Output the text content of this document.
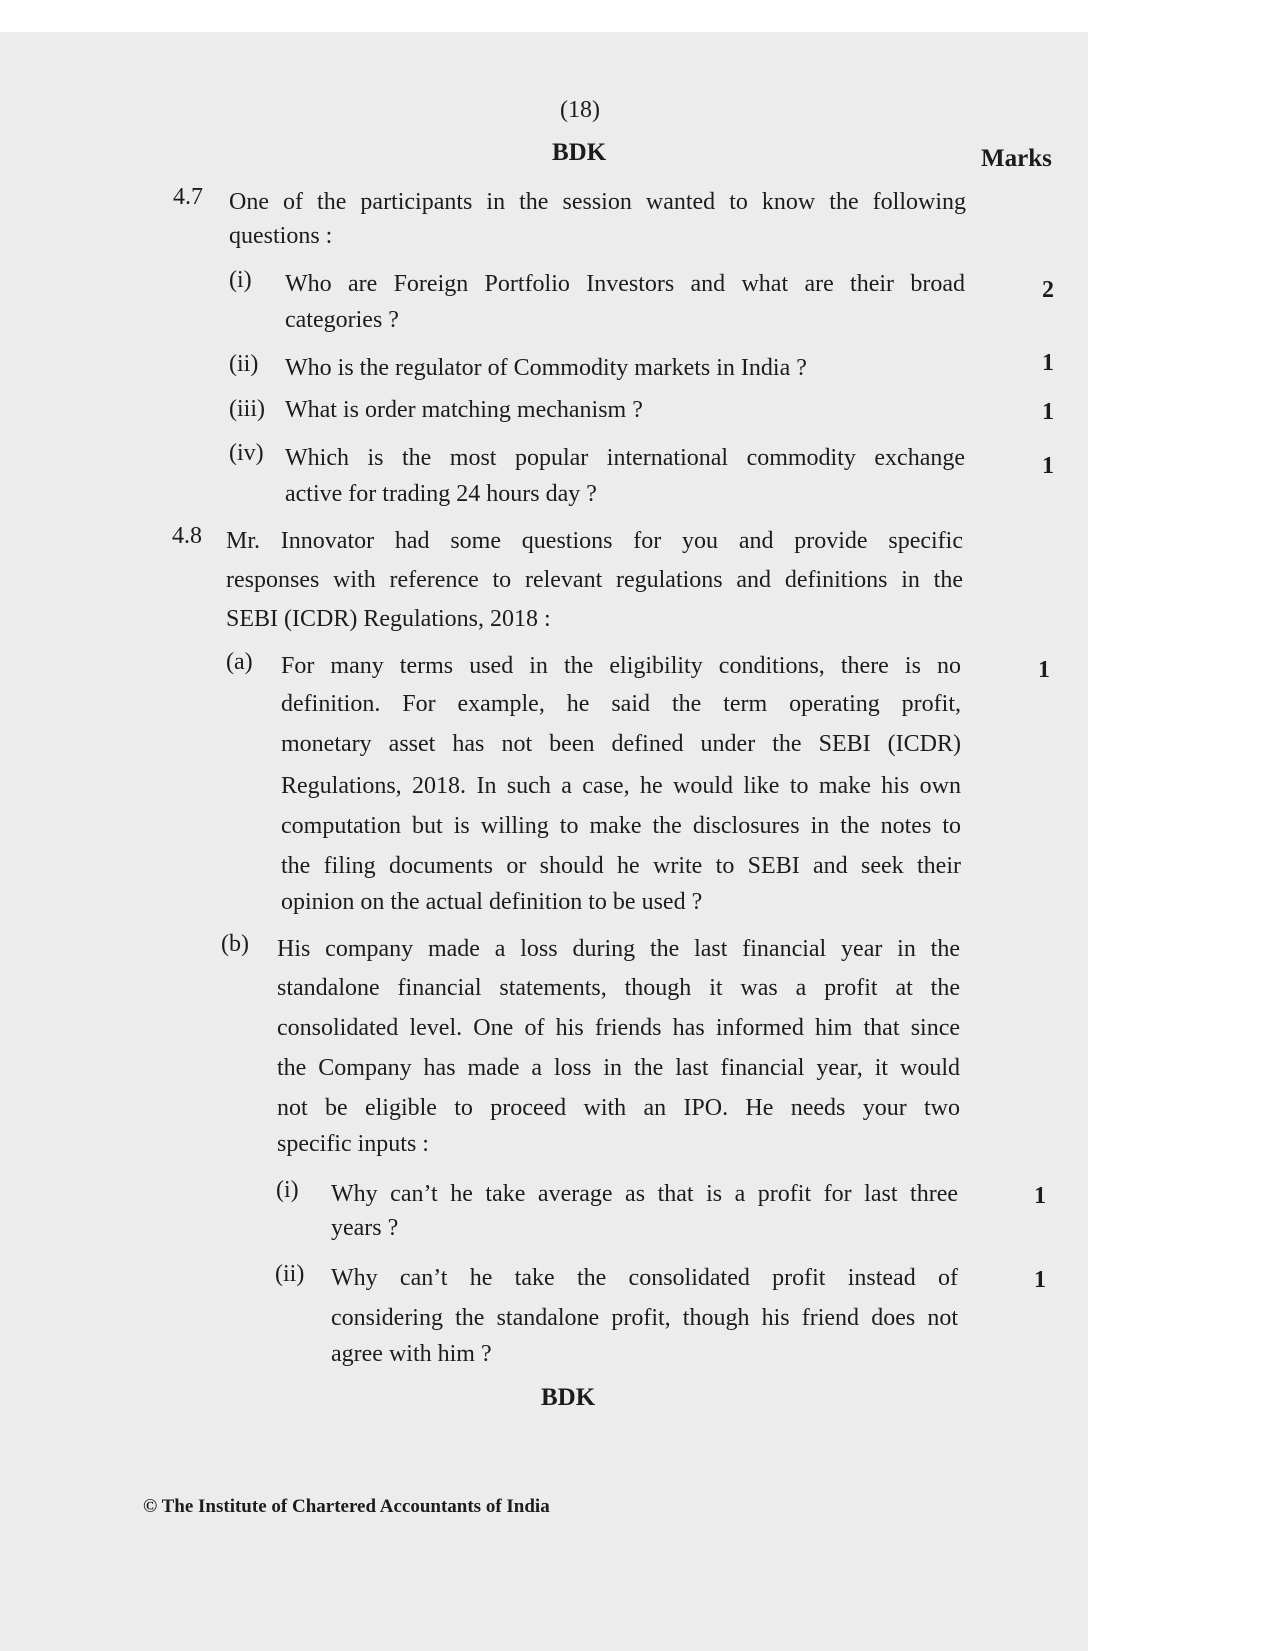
(18)
BDK	Marks
4.7 One of the participants in the session wanted to know the following
questions :
(i) Who are Foreign Portfolio Investors and what are their broad
categories ?
2
(ii) Who is the regulator of Commodity markets in India ?	1
(iii) What is order matching mechanism ?	1
(iv) Which is the most popular international commodity exchange
active for trading 24 hours day ?
1
4.8 Mr. Innovator had some questions for you and provide specific
responses with reference to relevant regulations and definitions in the
SEBI (ICDR) Regulations, 2018 :
(a) For many terms used in the eligibility conditions, there is no
definition. For example, he said the term operating profit,
monetary asset has not been defined under the SEBI (ICDR)
Regulations, 2018. In such a case, he would like to make his own
computation but is willing to make the disclosures in the notes to
the filing documents or should he write to SEBI and seek their
opinion on the actual definition to be used ?
1
(b) His company made a loss during the last financial year in the
standalone financial statements, though it was a profit at the
consolidated level. One of his friends has informed him that since
the Company has made a loss in the last financial year, it would
not be eligible to proceed with an IPO. He needs your two
specific inputs :
(i) Why can’t he take average as that is a profit for last three
years ?
1
(ii) Why can’t he take the consolidated profit instead of
considering the standalone profit, though his friend does not
agree with him ?
1
BDK
© The Institute of Chartered Accountants of India
